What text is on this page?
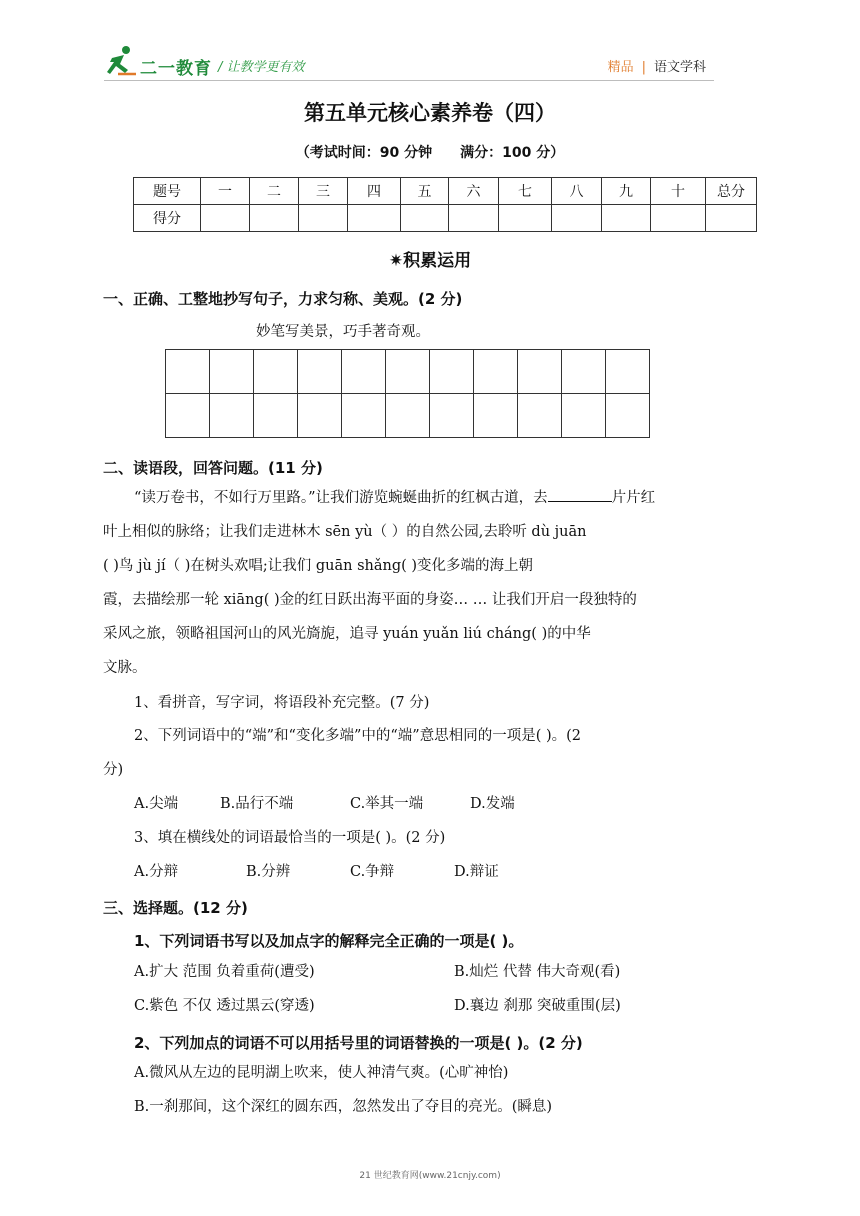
二一教育 / 让教学更有效	精品 | 语文学科
第五单元核心素养卷（四）
（考试时间：90 分钟 满分：100 分）
题号	一	二	三	四	五	六	七	八	九	十	总分
得分											
✷积累运用
一、正确、工整地抄写句子，力求匀称、美观。(2 分)
妙笔写美景，巧手著奇观。

二、读语段，回答问题。(11 分)
“读万卷书，不如行万里路。”让我们游览蜿蜒曲折的红枫古道，去	片片红
叶上相似的脉络；让我们走进林木 sēn yù（ ）的自然公园,去聆听 dù juān
( )鸟 jù jí（ )在树头欢唱;让我们 guān shǎng( )变化多端的海上朝
霞，去描绘那一轮 xiāng( )金的红日跃出海平面的身姿… … 让我们开启一段独特的
采风之旅，领略祖国河山的风光旖旎，追寻 yuán yuǎn liú cháng( )的中华
文脉。
1、看拼音，写字词，将语段补充完整。(7 分)
2、下列词语中的“端”和“变化多端”中的“端”意思相同的一项是( )。(2
分)
A.尖端	B.品行不端	C.举其一端	D.发端
3、填在横线处的词语最恰当的一项是( )。(2 分)
A.分辩	B.分辨	C.争辩	D.辩证
三、选择题。(12 分)
1、下列词语书写以及加点字的解释完全正确的一项是( )。
A.扩大 范围 负着重荷(遭受)	B.灿烂 代替 伟大奇观(看)
C.紫色 不仅 透过黑云(穿透)	D.襄边 刹那 突破重围(层)
2、下列加点的词语不可以用括号里的词语替换的一项是( )。(2 分)
A.微风从左边的昆明湖上吹来，使人神清气爽。(心旷神怡)
B.一刹那间，这个深红的圆东西，忽然发出了夺目的亮光。(瞬息)
21 世纪教育网(www.21cnjy.com)
